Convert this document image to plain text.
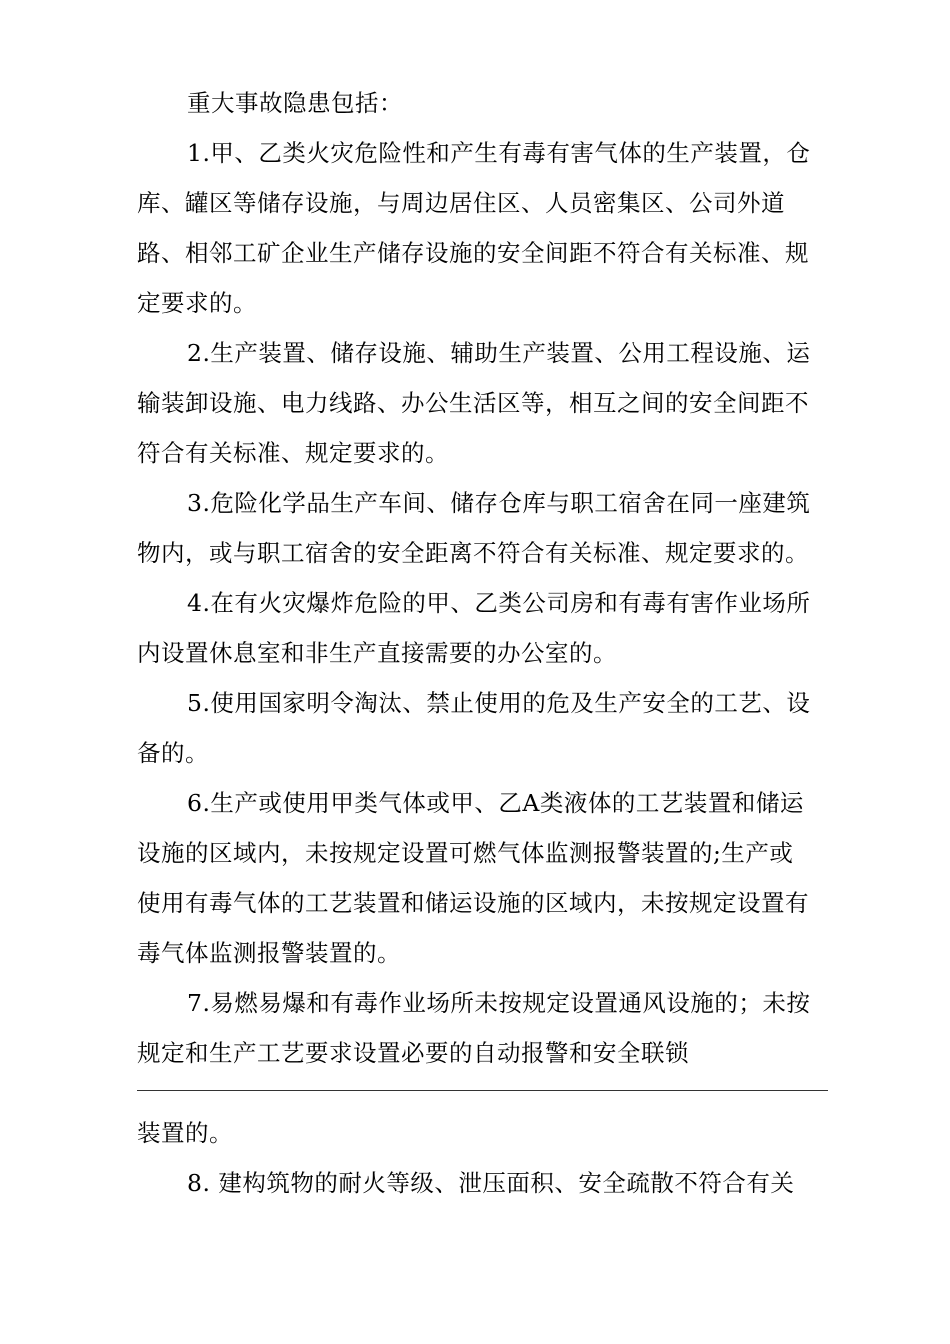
重大事故隐患包括：
1.甲、乙类火灾危险性和产生有毒有害气体的生产装置，仓
库、罐区等储存设施，与周边居住区、人员密集区、公司外道
路、相邻工矿企业生产储存设施的安全间距不符合有关标准、规
定要求的。
2.生产装置、储存设施、辅助生产装置、公用工程设施、运
输装卸设施、电力线路、办公生活区等，相互之间的安全间距不
符合有关标准、规定要求的。
3.危险化学品生产车间、储存仓库与职工宿舍在同一座建筑
物内，或与职工宿舍的安全距离不符合有关标准、规定要求的。
4.在有火灾爆炸危险的甲、乙类公司房和有毒有害作业场所
内设置休息室和非生产直接需要的办公室的。
5.使用国家明令淘汰、禁止使用的危及生产安全的工艺、设
备的。
6.生产或使用甲类气体或甲、乙A类液体的工艺装置和储运
设施的区域内，未按规定设置可燃气体监测报警装置的;生产或
使用有毒气体的工艺装置和储运设施的区域内，未按规定设置有
毒气体监测报警装置的。
7.易燃易爆和有毒作业场所未按规定设置通风设施的；未按
规定和生产工艺要求设置必要的自动报警和安全联锁
装置的。
8. 建构筑物的耐火等级、泄压面积、安全疏散不符合有关
